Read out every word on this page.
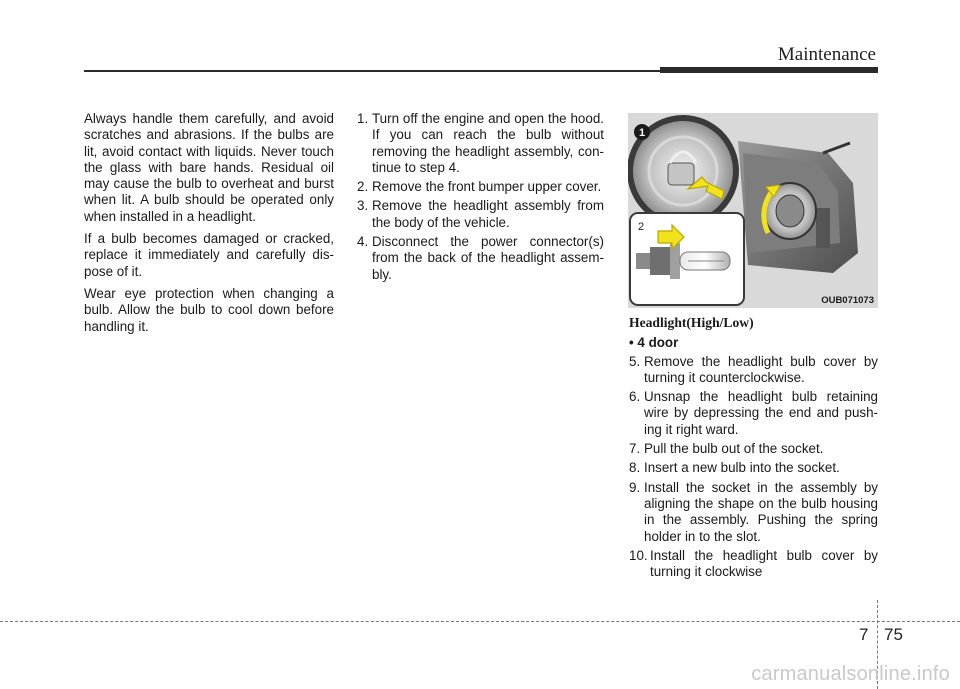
Maintenance

Always handle them carefully, and avoid scratches and abrasions. If the bulbs are lit, avoid contact with liquids. Never touch the glass with bare hands. Residual oil may cause the bulb to overheat and burst when lit. A bulb should be operated only when installed in a headlight.

If a bulb becomes damaged or cracked, replace it immediately and carefully dis-pose of it.

Wear eye protection when changing a bulb. Allow the bulb to cool down before handling it.

1. Turn off the engine and open the hood. If you can reach the bulb without removing the headlight assembly, con-tinue to step 4.
2. Remove the front bumper upper cover.
3. Remove the headlight assembly from the body of the vehicle.
4. Disconnect the power connector(s) from the back of the headlight assem-bly.
1
2
OUB071073
Headlight(High/Low)
• 4 door
5. Remove the headlight bulb cover by turning it counterclockwise.
6. Unsnap the headlight bulb retaining wire by depressing the end and push-ing it right ward.
7. Pull the bulb out of the socket.
8. Insert a new bulb into the socket.
9. Install the socket in the assembly by aligning the shape on the bulb housing in the assembly. Pushing the spring holder in to the slot.
10. Install the headlight bulb cover by turning it clockwise
7 75
carmanualsonline.info
